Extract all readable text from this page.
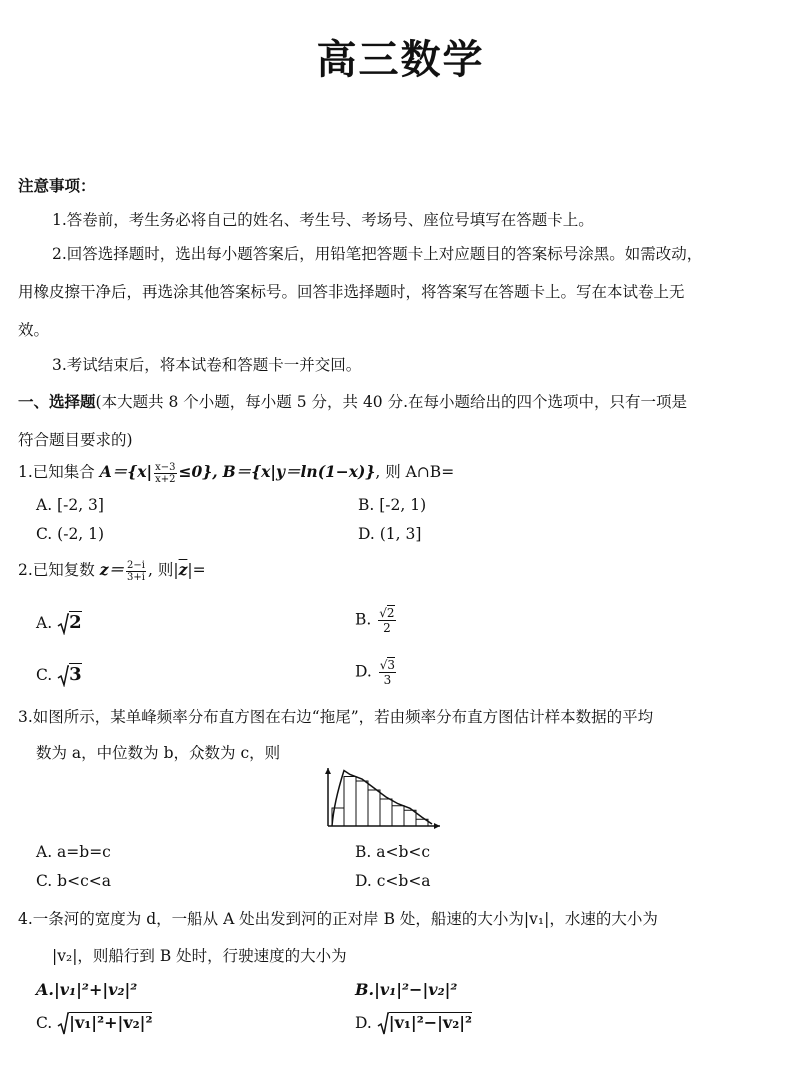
高三数学
注意事项：
1.答卷前，考生务必将自己的姓名、考生号、考场号、座位号填写在答题卡上。
2.回答选择题时，选出每小题答案后，用铅笔把答题卡上对应题目的答案标号涂黑。如需改动，
用橡皮擦干净后，再选涂其他答案标号。回答非选择题时，将答案写在答题卡上。写在本试卷上无
效。
3.考试结束后，将本试卷和答题卡一并交回。
一、选择题(本大题共 8 个小题，每小题 5 分，共 40 分.在每小题给出的四个选项中，只有一项是
符合题目要求的)
1.已知集合 $A=\{x| \frac{x-3}{x+2} \le 0\}$, B＝{x|y＝ln(1−x)}, 则 A∩B=
A. [-2, 3]	B. [-2, 1)
C. (-2, 1)	D. (1, 3]
2.已知复数 $z= \frac{2-i}{3+i}$ , 则$|\overline{z}|=$
A. 2	B. $\frac{√2}{2}$
C. 3	D. $\frac{√3}{3}$
3.如图所示，某单峰频率分布直方图在右边“拖尾”，若由频率分布直方图估计样本数据的平均
数为 a，中位数为 b，众数为 c，则
A. a=b=c	B. a<b<c
C. b<c<a	D. c<b<a
4.一条河的宽度为 d，一船从 A 处出发到河的正对岸 B 处，船速的大小为|v₁|，水速的大小为
|v₂|，则船行到 B 处时，行驶速度的大小为
A.|v₁|²+|v₂|²	B.|v₁|²−|v₂|²
C. |v₁|²+|v₂|²	D. |v₁|²−|v₂|²
